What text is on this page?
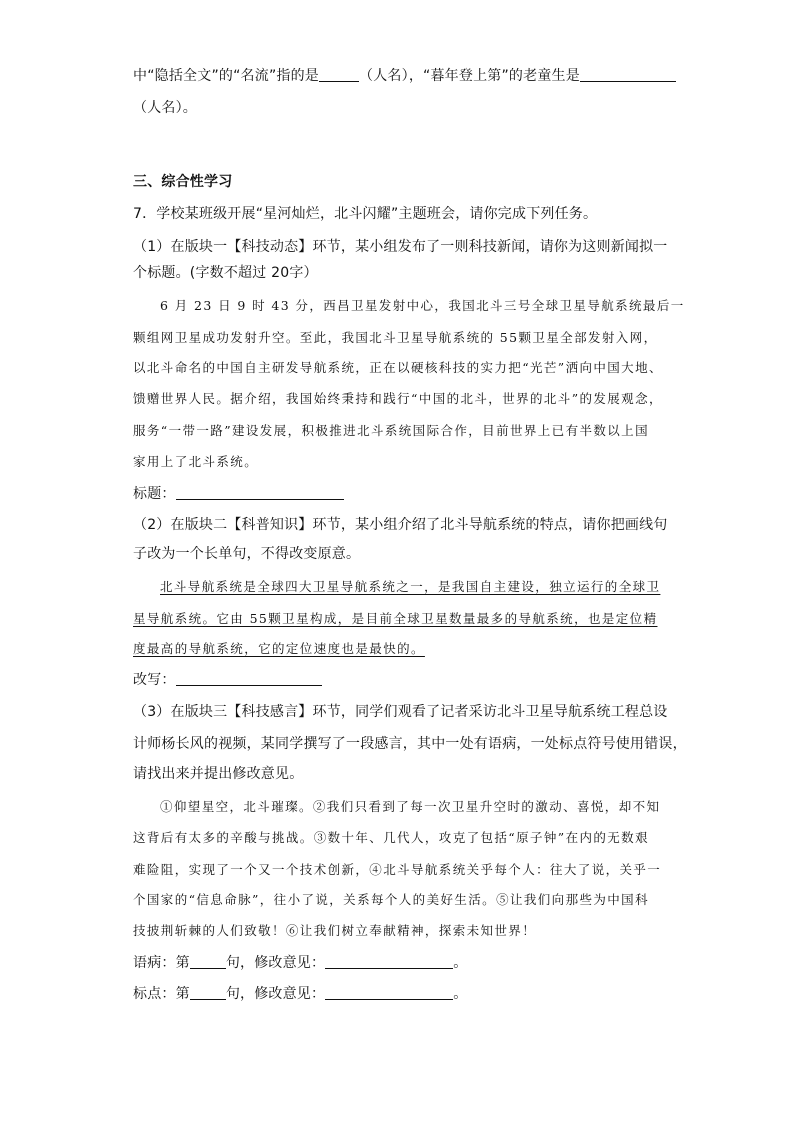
中“隐括全文”的“名流”指的是	（人名），“暮年登上第”的老童生是
（人名）。
三、综合性学习
7．学校某班级开展“星河灿烂，北斗闪耀”主题班会，请你完成下列任务。
（1）在版块一【科技动态】环节，某小组发布了一则科技新闻，请你为这则新闻拟一
个标题。(字数不超过 20字）
6 月 23 日 9 时 43 分，西昌卫星发射中心，我国北斗三号全球卫星导航系统最后一
颗组网卫星成功发射升空。至此，我国北斗卫星导航系统的 55颗卫星全部发射入网，
以北斗命名的中国自主研发导航系统，正在以硬核科技的实力把“光芒”洒向中国大地、
馈赠世界人民。据介绍，我国始终秉持和践行“中国的北斗，世界的北斗”的发展观念，
服务“一带一路”建设发展，积极推进北斗系统国际合作，目前世界上已有半数以上国
家用上了北斗系统。
标题：
（2）在版块二【科普知识】环节，某小组介绍了北斗导航系统的特点，请你把画线句
子改为一个长单句，不得改变原意。
北斗导航系统是全球四大卫星导航系统之一，是我国自主建设，独立运行的全球卫
星导航系统。它由 55颗卫星构成，是目前全球卫星数量最多的导航系统，也是定位精
度最高的导航系统，它的定位速度也是最快的。
改写：
（3）在版块三【科技感言】环节，同学们观看了记者采访北斗卫星导航系统工程总设
计师杨长风的视频，某同学撰写了一段感言，其中一处有语病，一处标点符号使用错误，
请找出来并提出修改意见。
①仰望星空，北斗璀璨。②我们只看到了每一次卫星升空时的激动、喜悦，却不知
这背后有太多的辛酸与挑战。③数十年、几代人，攻克了包括“原子钟”在内的无数艰
难险阻，实现了一个又一个技术创新，④北斗导航系统关乎每个人：往大了说，关乎一
个国家的“信息命脉”，往小了说，关系每个人的美好生活。⑤让我们向那些为中国科
技披荆斩棘的人们致敬！⑥让我们树立奉献精神，探索未知世界！
语病：第	句，修改意见：	。
标点：第	句，修改意见：	。
